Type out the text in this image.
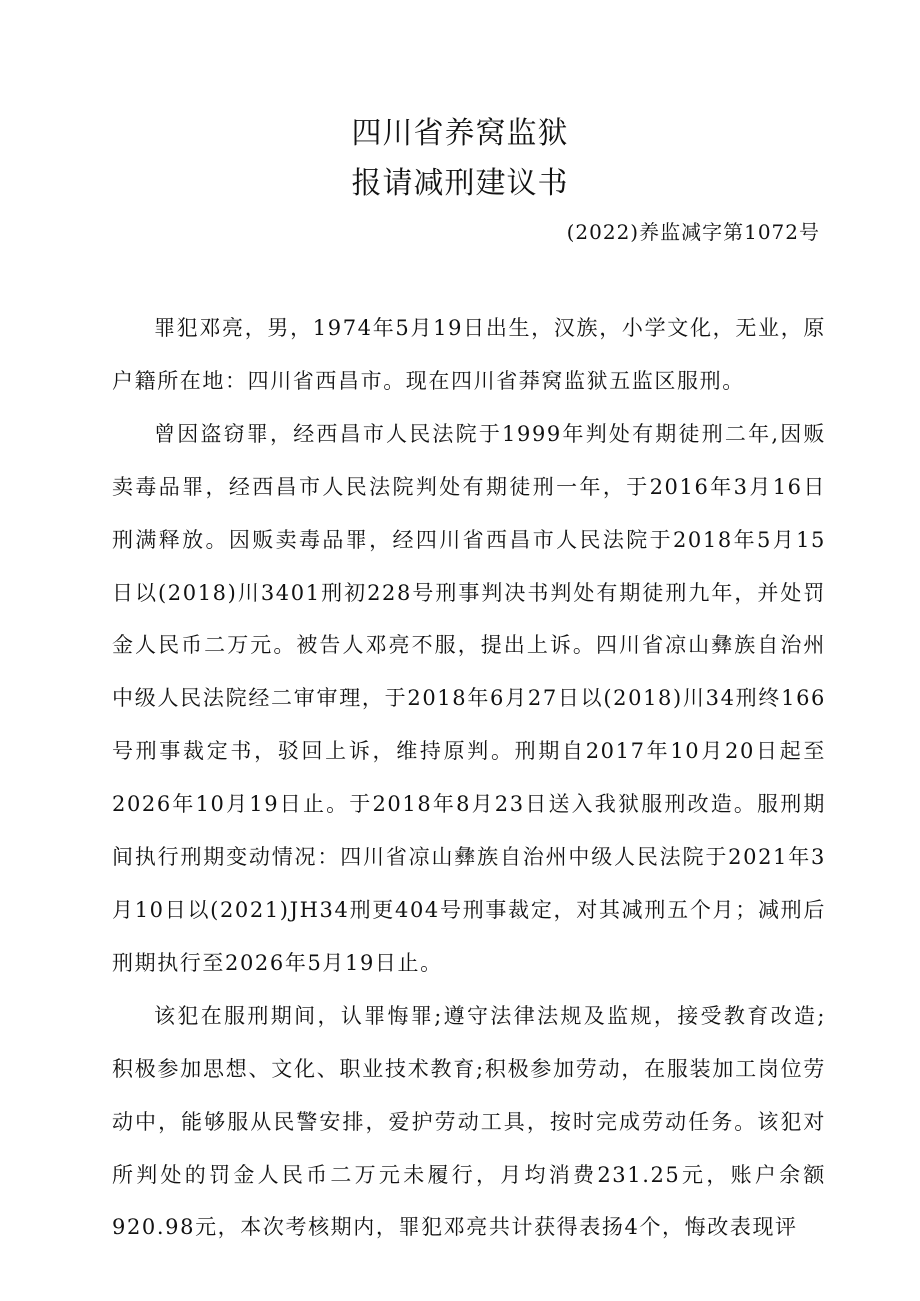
四川省养窝监狱
报请减刑建议书
(2022)养监减字第1072号

罪犯邓亮，男，1974年5月19日出生，汉族，小学文化，无业，原户籍所在地：四川省西昌市。现在四川省莽窝监狱五监区服刑。

曾因盗窃罪，经西昌市人民法院于1999年判处有期徒刑二年,因贩卖毒品罪，经西昌市人民法院判处有期徒刑一年，于2016年3月16日刑满释放。因贩卖毒品罪，经四川省西昌市人民法院于2018年5月15日以(2018)川3401刑初228号刑事判决书判处有期徒刑九年，并处罚金人民币二万元。被告人邓亮不服，提出上诉。四川省凉山彝族自治州中级人民法院经二审审理，于2018年6月27日以(2018)川34刑终166号刑事裁定书，驳回上诉，维持原判。刑期自2017年10月20日起至2026年10月19日止。于2018年8月23日送入我狱服刑改造。服刑期间执行刑期变动情况：四川省凉山彝族自治州中级人民法院于2021年3月10日以(2021)JH34刑更404号刑事裁定，对其减刑五个月；减刑后刑期执行至2026年5月19日止。

该犯在服刑期间，认罪悔罪;遵守法律法规及监规，接受教育改造;积极参加思想、文化、职业技术教育;积极参加劳动，在服装加工岗位劳动中，能够服从民警安排，爱护劳动工具，按时完成劳动任务。该犯对所判处的罚金人民币二万元未履行，月均消费231.25元，账户余额920.98元，本次考核期内，罪犯邓亮共计获得表扬4个，悔改表现评
